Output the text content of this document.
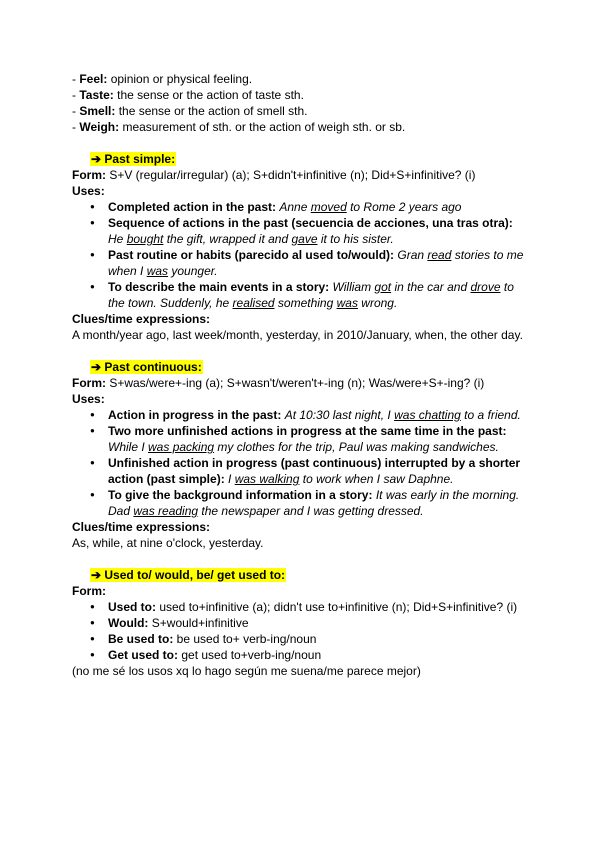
- Feel: opinion or physical feeling.
- Taste: the sense or the action of taste sth.
- Smell: the sense or the action of smell sth.
- Weigh: measurement of sth. or the action of weigh sth. or sb.
➔ Past simple:
Form: S+V (regular/irregular) (a); S+didn't+infinitive (n); Did+S+infinitive? (i)
Uses:
● Completed action in the past: Anne moved to Rome 2 years ago
● Sequence of actions in the past (secuencia de acciones, una tras otra):
He bought the gift, wrapped it and gave it to his sister.
● Past routine or habits (parecido al used to/would): Gran read stories to me when I was younger.
● To describe the main events in a story: William got in the car and drove to the town. Suddenly, he realised something was wrong.
Clues/time expressions:
A month/year ago, last week/month, yesterday, in 2010/January, when, the other day.
➔ Past continuous:
Form: S+was/were+-ing (a); S+wasn't/weren't+-ing (n); Was/were+S+-ing? (i)
Uses:
● Action in progress in the past: At 10:30 last night, I was chatting to a friend.
● Two more unfinished actions in progress at the same time in the past:
While I was packing my clothes for the trip, Paul was making sandwiches.
● Unfinished action in progress (past continuous) interrupted by a shorter action (past simple): I was walking to work when I saw Daphne.
● To give the background information in a story: It was early in the morning. Dad was reading the newspaper and I was getting dressed.
Clues/time expressions:
As, while, at nine o'clock, yesterday.
➔ Used to/ would, be/ get used to:
Form:
● Used to: used to+infinitive (a); didn't use to+infinitive (n); Did+S+infinitive? (i)
● Would: S+would+infinitive
● Be used to: be used to+ verb-ing/noun
● Get used to: get used to+verb-ing/noun
(no me sé los usos xq lo hago según me suena/me parece mejor)
